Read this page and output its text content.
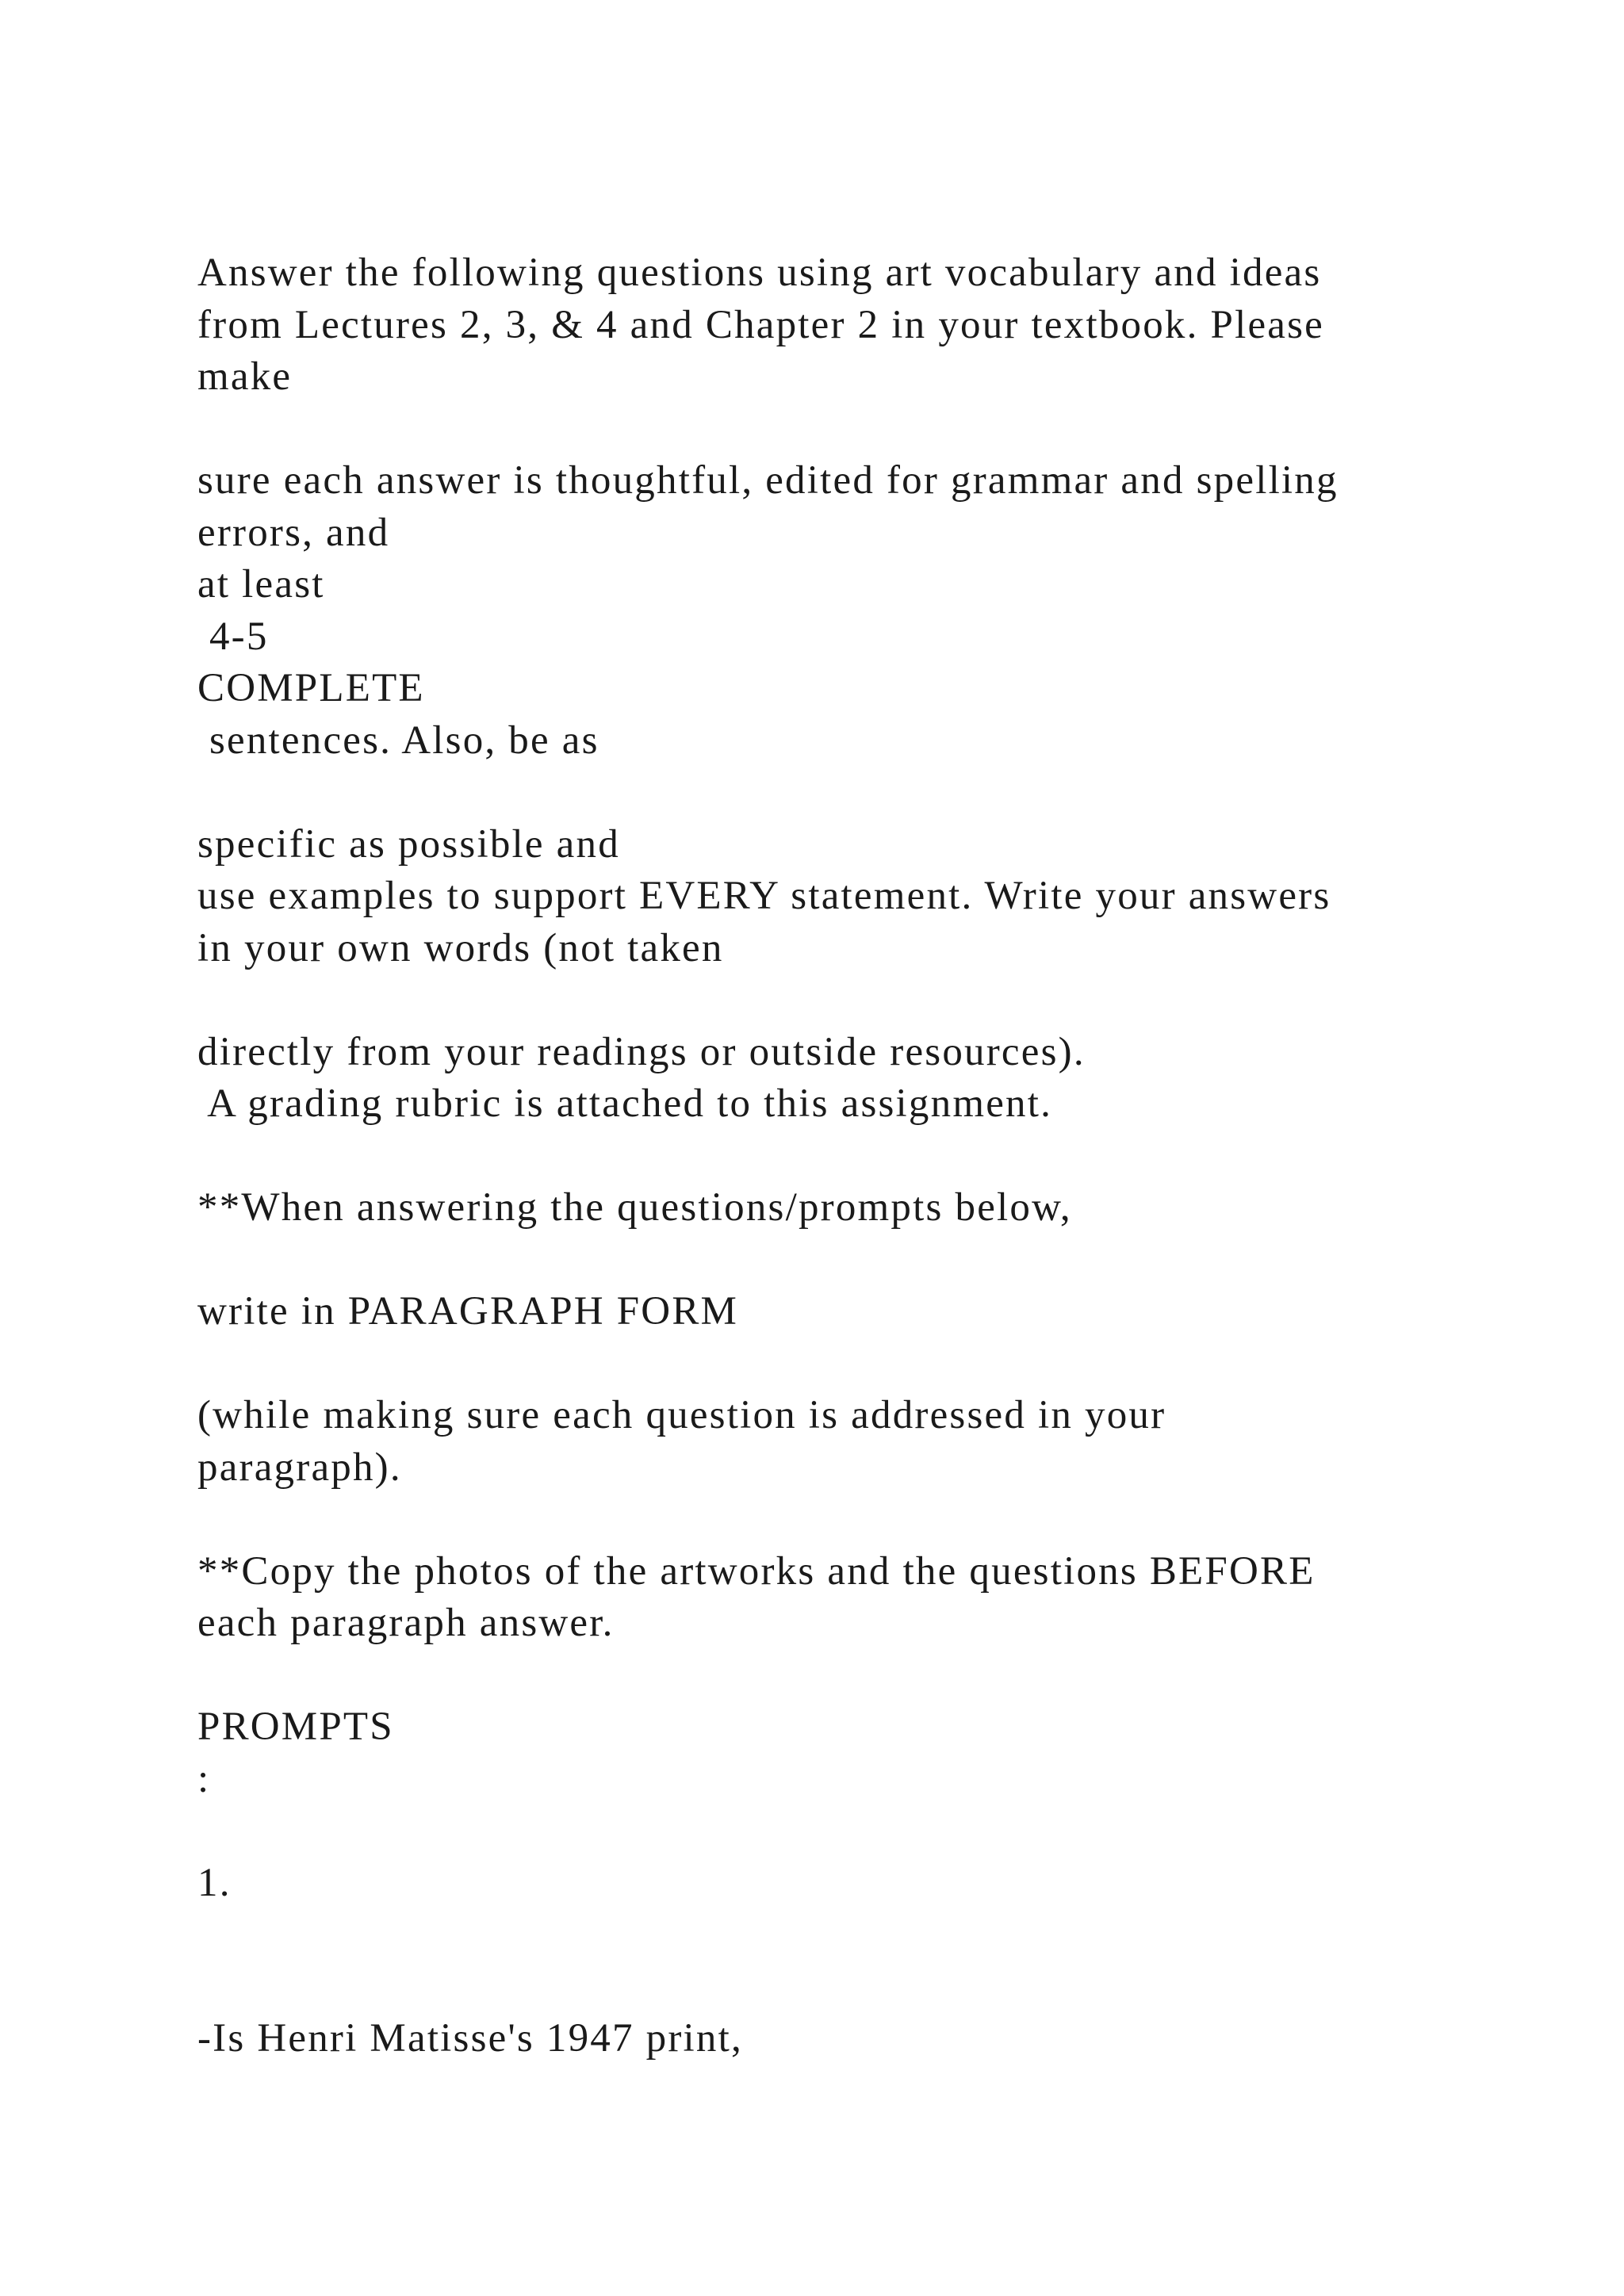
Answer the following questions using art vocabulary and ideas
from Lectures 2, 3, & 4 and Chapter 2 in your textbook. Please
make
sure each answer is thoughtful, edited for grammar and spelling
errors, and
at least
4-5
COMPLETE
sentences. Also, be as
specific as possible and
use examples to support EVERY statement. Write your answers
in your own words (not taken
directly from your readings or outside resources).
A grading rubric is attached to this assignment.
**When answering the questions/prompts below,
write in PARAGRAPH FORM
(while making sure each question is addressed in your
paragraph).
**Copy the photos of the artworks and the questions BEFORE
each paragraph answer.
PROMPTS
:
1.
-Is Henri Matisse's 1947 print,
